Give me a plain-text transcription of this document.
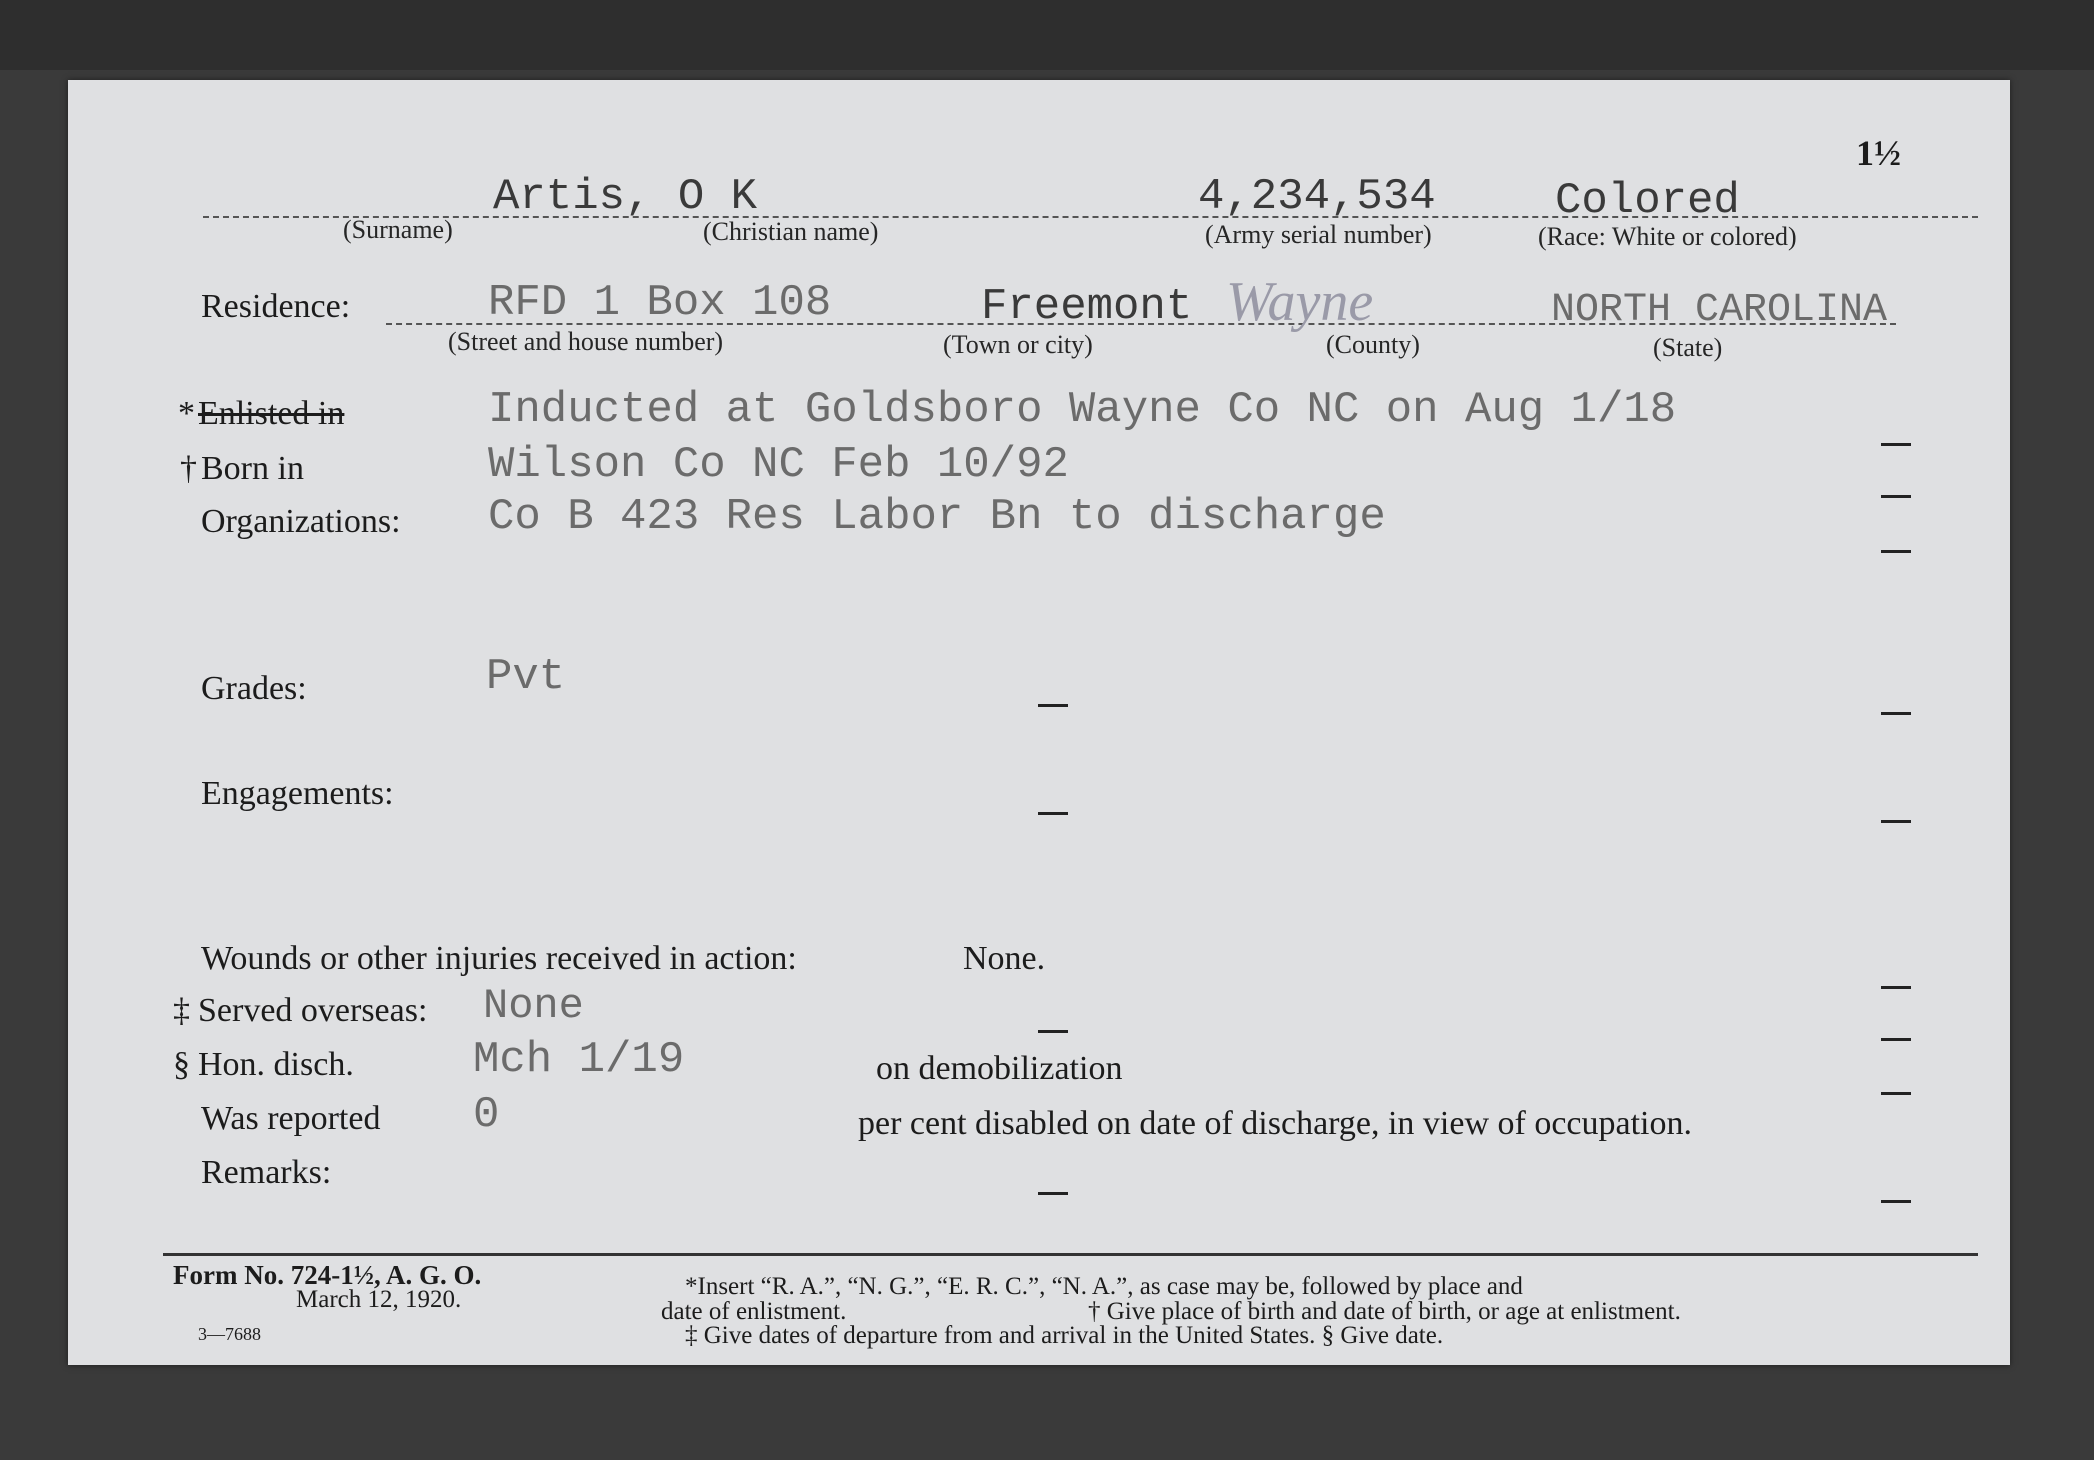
1½
Artis, O K
(Surname)	(Christian name)
4,234,534
(Army serial number)
Colored
(Race: White or colored)
Residence:	RFD 1 Box 108
(Street and house number)
Freemont
(Town or city)
Wayne
(County)
NORTH CAROLINA
(State)
* Enlisted in	Inducted at Goldsboro Wayne Co NC on Aug 1/18
† Born in	Wilson Co NC Feb 10/92
Organizations: Co B 423 Res Labor Bn to discharge
Grades:	Pvt
Engagements:
Wounds or other injuries received in action:	None.
‡ Served overseas: None
§ Hon. disch.	Mch 1/19	on demobilization
Was reported 0	per cent disabled on date of discharge, in view of occupation.
Remarks:
Form No. 724-1½, A. G. O.
March 12, 1920.
3—7688
*Insert “R. A.”, “N. G.”, “E. R. C.”, “N. A.”, as case may be, followed by place and
date of enlistment.	† Give place of birth and date of birth, or age at enlistment.
‡ Give dates of departure from and arrival in the United States. § Give date.
